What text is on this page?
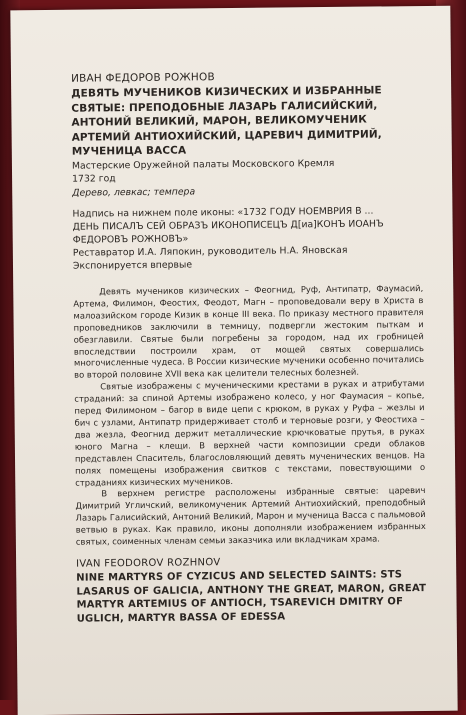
ИВАН ФЕДОРОВ РОЖНОВ

ДЕВЯТЬ МУЧЕНИКОВ КИЗИЧЕСКИХ И ИЗБРАННЫЕ СВЯТЫЕ: ПРЕПОДОБНЫЕ ЛАЗАРЬ ГАЛИСИЙСКИЙ, АНТОНИЙ ВЕЛИКИЙ, МАРОН, ВЕЛИКОМУЧЕНИК АРТЕМИЙ АНТИОХИЙСКИЙ, ЦАРЕВИЧ ДИМИТРИЙ, МУЧЕНИЦА ВАССА

Мастерские Оружейной палаты Московского Кремля

1732 год

Дерево, левкас; темпера

Надпись на нижнем поле иконы: «1732 ГОДУ НОЕМВРИЯ В ...

ДЕНЬ ПИСАЛЪ СЕЙ ОБРАЗЪ ИКОНОПИСЕЦЪ Д[иа]КОНЪ ИОАНЪ ФЕДОРОВЪ РОЖНОВЪ»

Реставратор И.А. Ляпокин, руководитель Н.А. Яновская

Экспонируется впервые

Девять мучеников кизических – Феогнид, Руф, Антипатр, Фаумасий, Артема, Филимон, Феостих, Феодот, Магн – проповедовали веру в Христа в малоазийском городе Кизик в конце III века. По приказу местного правителя проповедников заключили в темницу, подвергли жестоким пыткам и обезглавили. Святые были погребены за городом, над их гробницей впоследствии построили храм, от мощей святых совершались многочисленные чудеса. В России кизические мученики особенно почитались во второй половине XVII века как целители телесных болезней.

Святые изображены с мученическими крестами в руках и атрибутами страданий: за спиной Артемы изображено колесо, у ног Фаумасия – копье, перед Филимоном – багор в виде цепи с крюком, в руках у Руфа – жезлы и бич с узлами, Антипатр придерживает столб и терновые розги, у Феостиха – два жезла, Феогнид держит металлические крючковатые прутья, в руках юного Магна – клещи. В верхней части композиции среди облаков представлен Спаситель, благословляющий девять мученических венцов. На полях помещены изображения свитков с текстами, повествующими о страданиях кизических мучеников.

В верхнем регистре расположены избранные святые: царевич Димитрий Угличский, великомученик Артемий Антиохийский, преподобный Лазарь Галисийский, Антоний Великий, Марон и мученица Васса с пальмовой ветвью в руках. Как правило, иконы дополняли изображением избранных святых, соименных членам семьи заказчика или вкладчикам храма.

IVAN FEODOROV ROZHNOV

NINE MARTYRS OF CYZICUS AND SELECTED SAINTS: STS LASARUS OF GALICIA, ANTHONY THE GREAT, MARON, GREAT MARTYR ARTEMIUS OF ANTIOCH, TSAREVICH DMITRY OF UGLICH, MARTYR BASSA OF EDESSA
